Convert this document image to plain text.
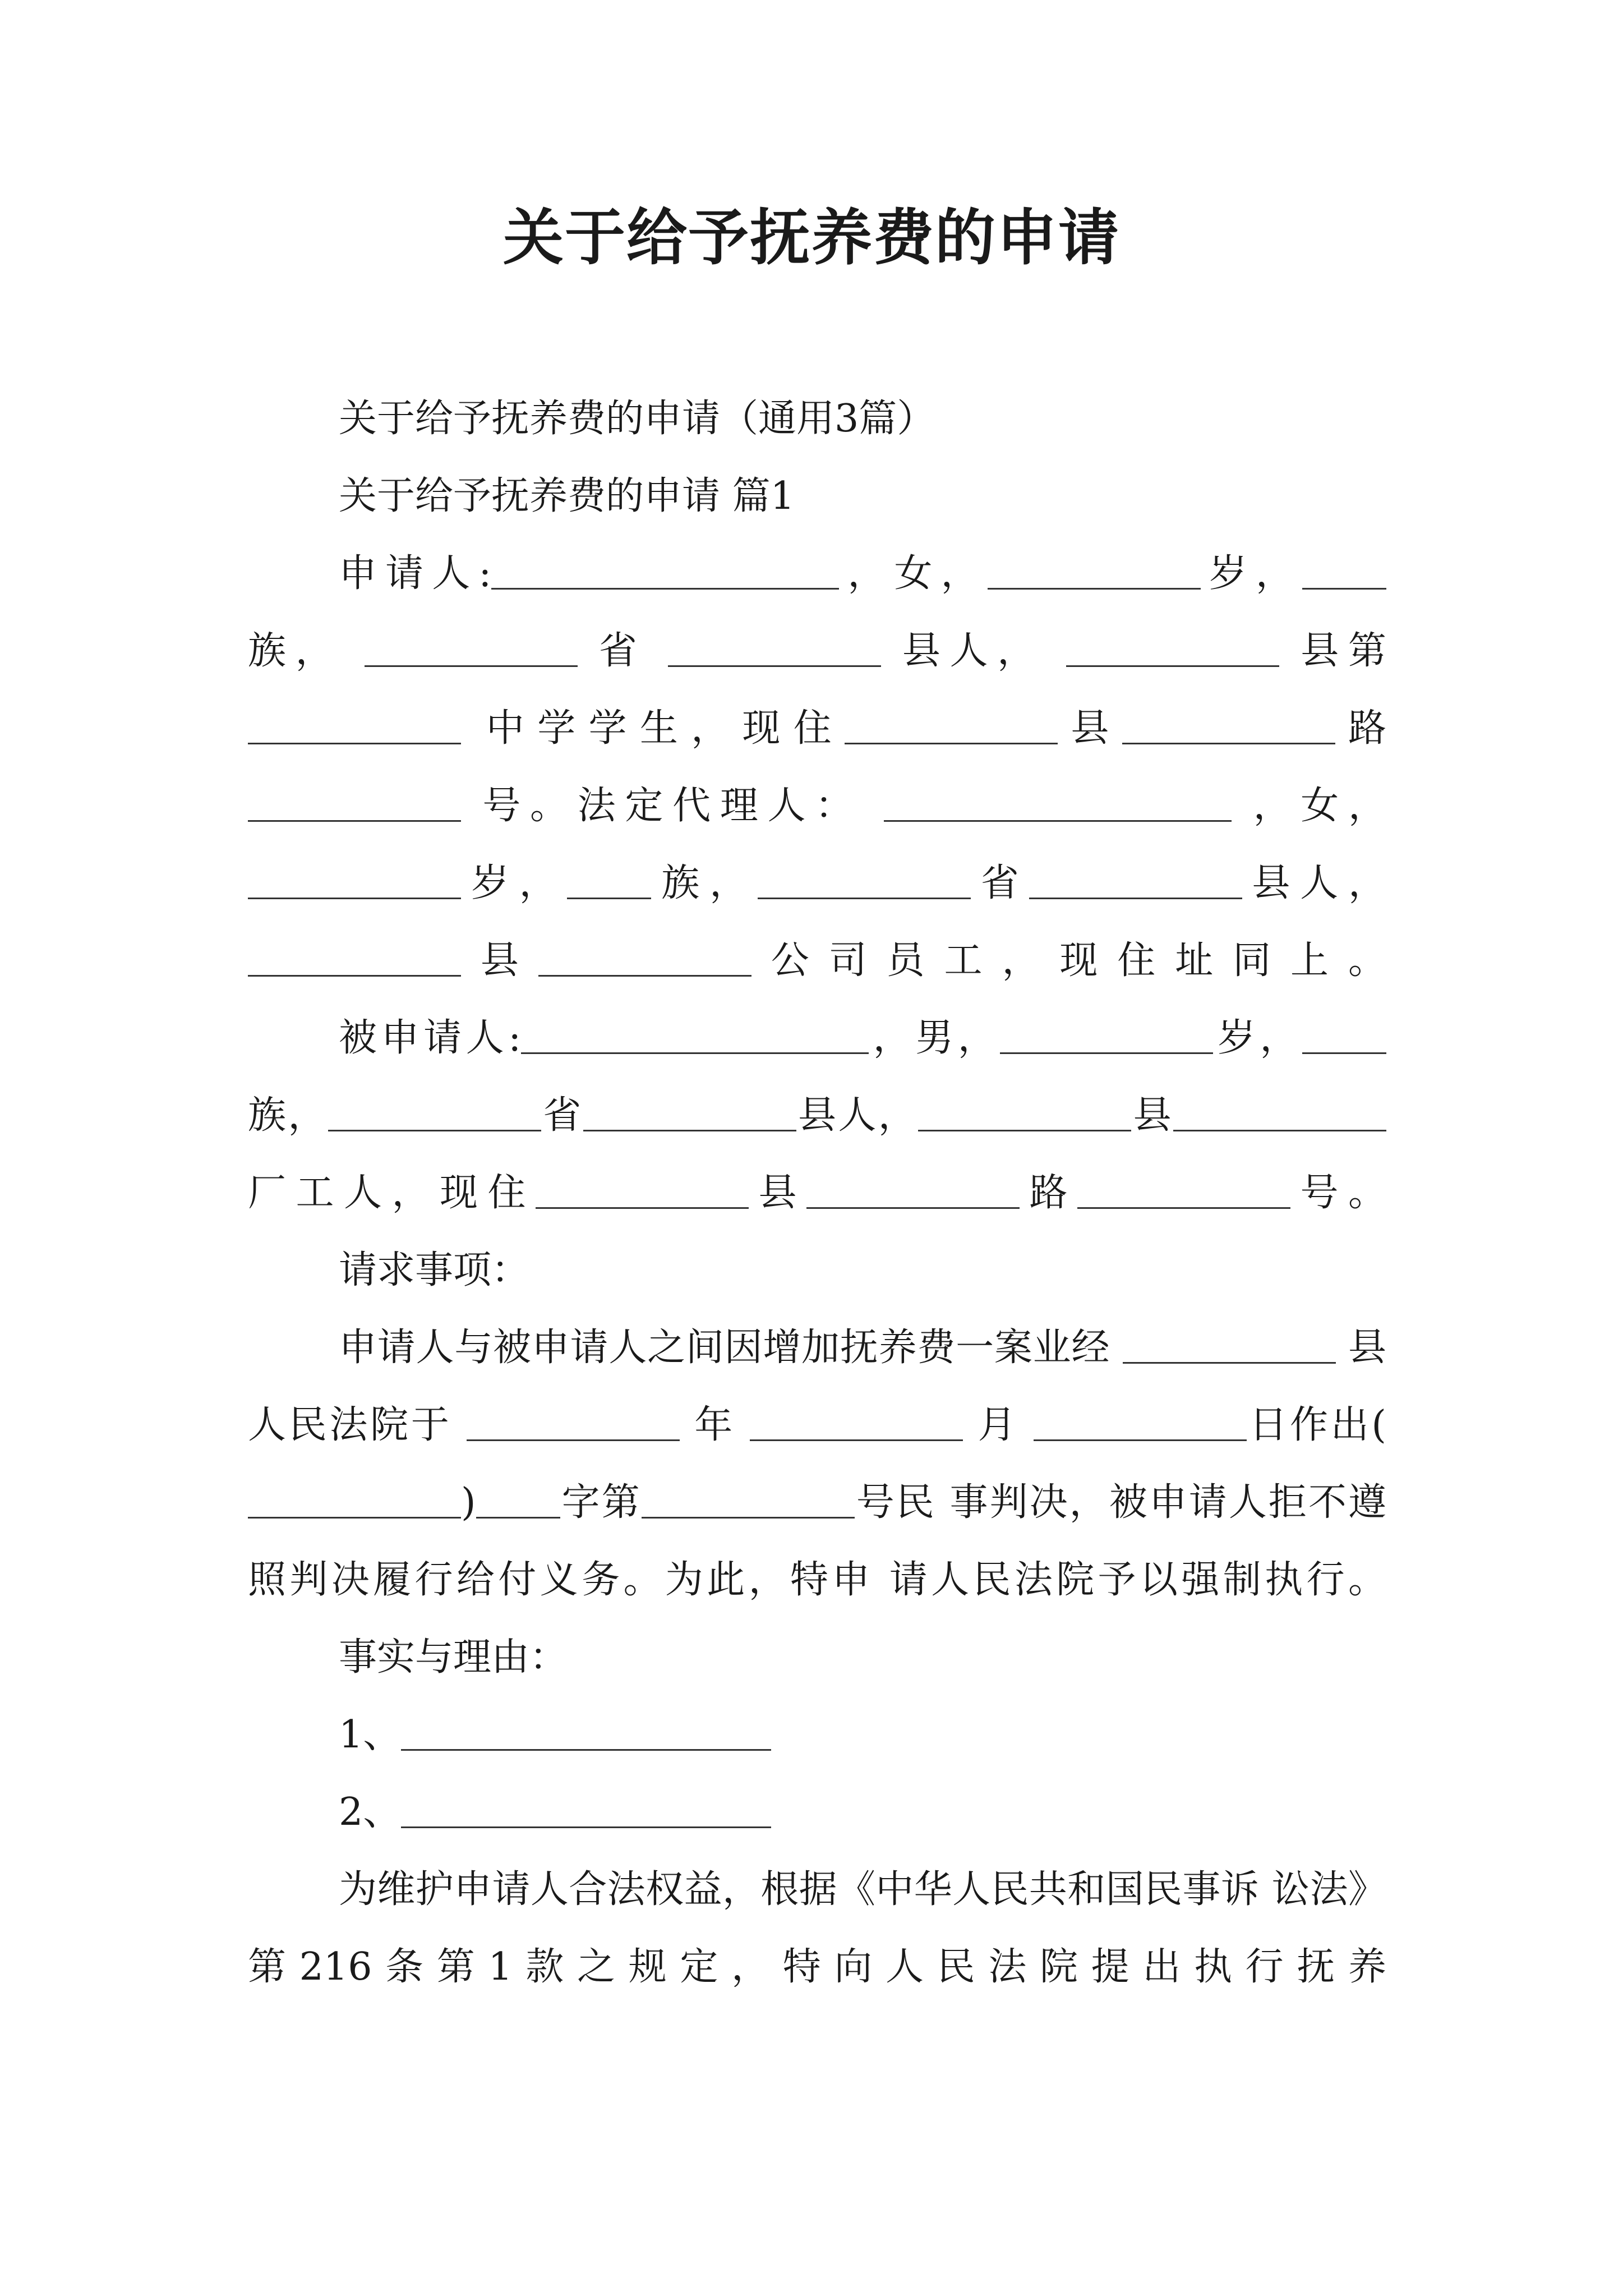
关于给予抚养费的申请

关于给予抚养费的申请（通用3篇）

关于给予抚养费的申请 篇1

申请人:	，女，	岁， 族，	省	县人，	县第  中学学生，现住	县	路  号。法定代理人：	，女， 岁， 族，	省	县人， 县	公司员工，现住址同上。
被申请人:	，男，	岁， 族，	省	县人，	县 厂工人，现住	县	路	号。

请求事项：

申请人与被申请人之间因增加抚养费一案业经	县人民法院于	年	月	日作出() 字第	号民 事判决，被申请人拒不遵照判决履行给付义务。为此，特申 请人民法院予以强制执行。

事实与理由：

1、
2、
为维护申请人合法权益，根据《中华人民共和国民事诉 讼法》第216条第1款之规定，特向人民法院提出执行抚养
